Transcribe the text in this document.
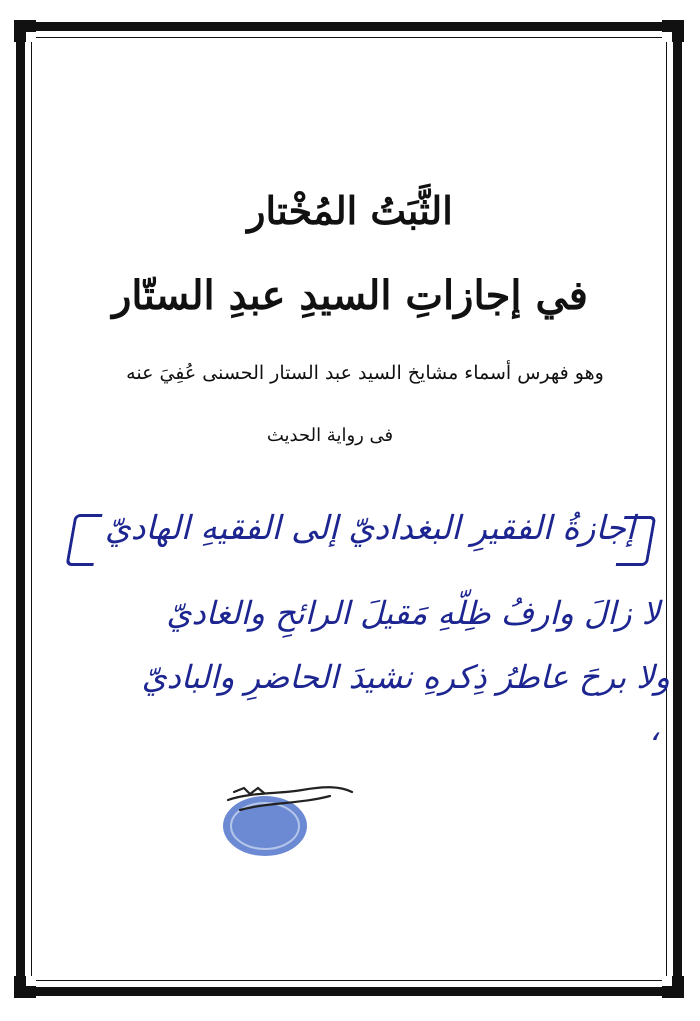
الثَّبَتُ المُخْتار
في إجازاتِ السيدِ عبدِ الستّار
وهو فهرس أسماء مشايخ السيد عبد الستار الحسنى عُفِيَ عنه
فى رواية الحديث
إجازةُ الفقيرِ البغداديّ إلى الفقيهِ الهاديّ
لا زالَ وارفُ ظِلّهِ مَقيلَ الرائحِ والغاديّ
ولا برحَ عاطرُ ذِكرهِ نشيدَ الحاضرِ والباديّ
،
